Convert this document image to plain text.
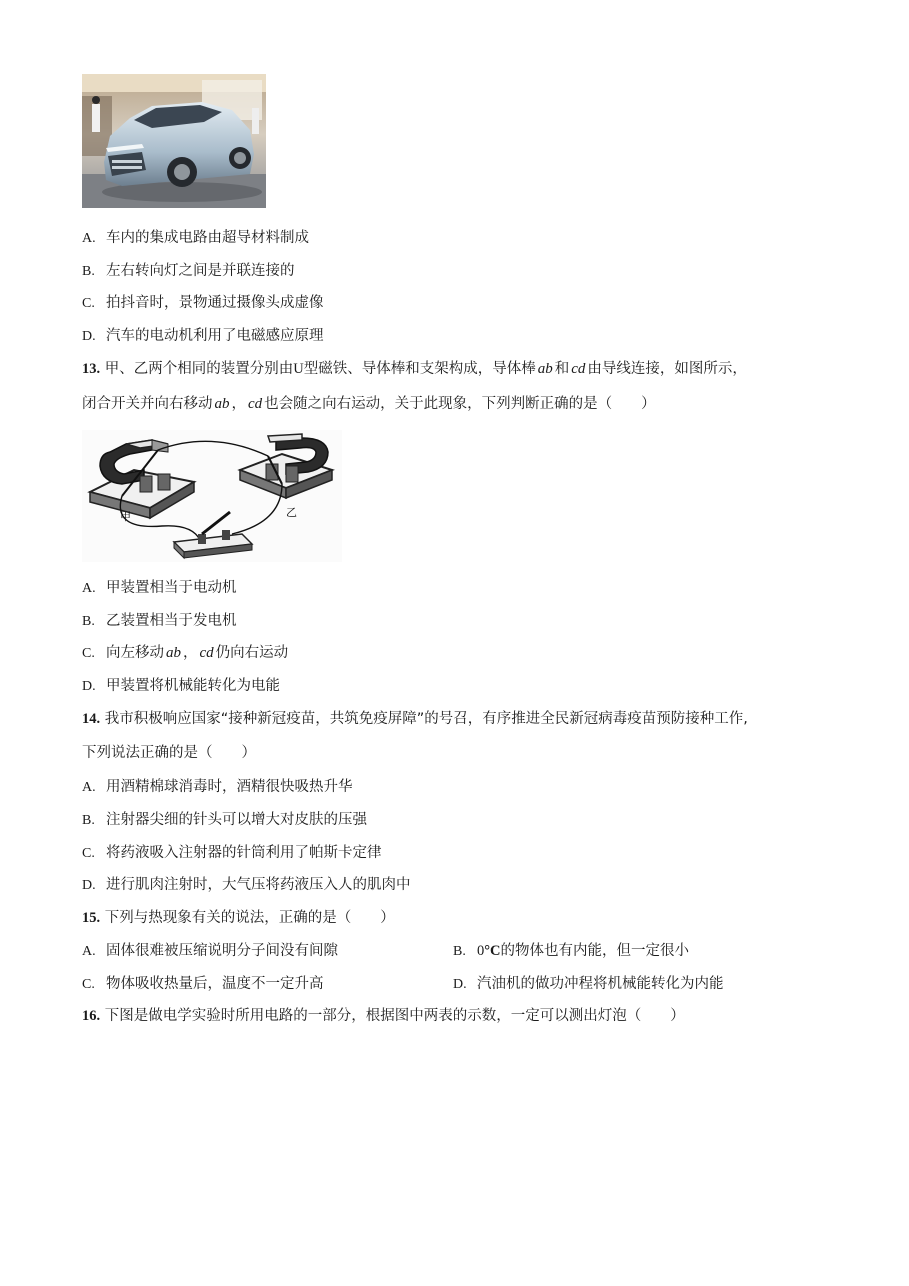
A. 车内的集成电路由超导材料制成
B. 左右转向灯之间是并联连接的
C. 拍抖音时，景物通过摄像头成虚像
D. 汽车的电动机利用了电磁感应原理
13. 甲、乙两个相同的装置分别由U型磁铁、导体棒和支架构成，导体棒 ab 和 cd 由导线连接，如图所示，
闭合开关并向右移动 ab ， cd 也会随之向右运动，关于此现象，下列判断正确的是（　　）
甲	乙
A. 甲装置相当于电动机
B. 乙装置相当于发电机
C. 向左移动 ab ， cd 仍向右运动
D. 甲装置将机械能转化为电能
14. 我市积极响应国家“接种新冠疫苗，共筑免疫屏障”的号召，有序推进全民新冠病毒疫苗预防接种工作,
下列说法正确的是（　　）
A. 用酒精棉球消毒时，酒精很快吸热升华
B. 注射器尖细的针头可以增大对皮肤的压强
C. 将药液吸入注射器的针筒利用了帕斯卡定律
D. 进行肌肉注射时，大气压将药液压入人的肌肉中
15. 下列与热现象有关的说法，正确的是（　　）
A. 固体很难被压缩说明分子间没有间隙	B. 0°C的物体也有内能，但一定很小
C. 物体吸收热量后，温度不一定升高	D. 汽油机的做功冲程将机械能转化为内能
16. 下图是做电学实验时所用电路的一部分，根据图中两表的示数，一定可以测出灯泡（　　）
